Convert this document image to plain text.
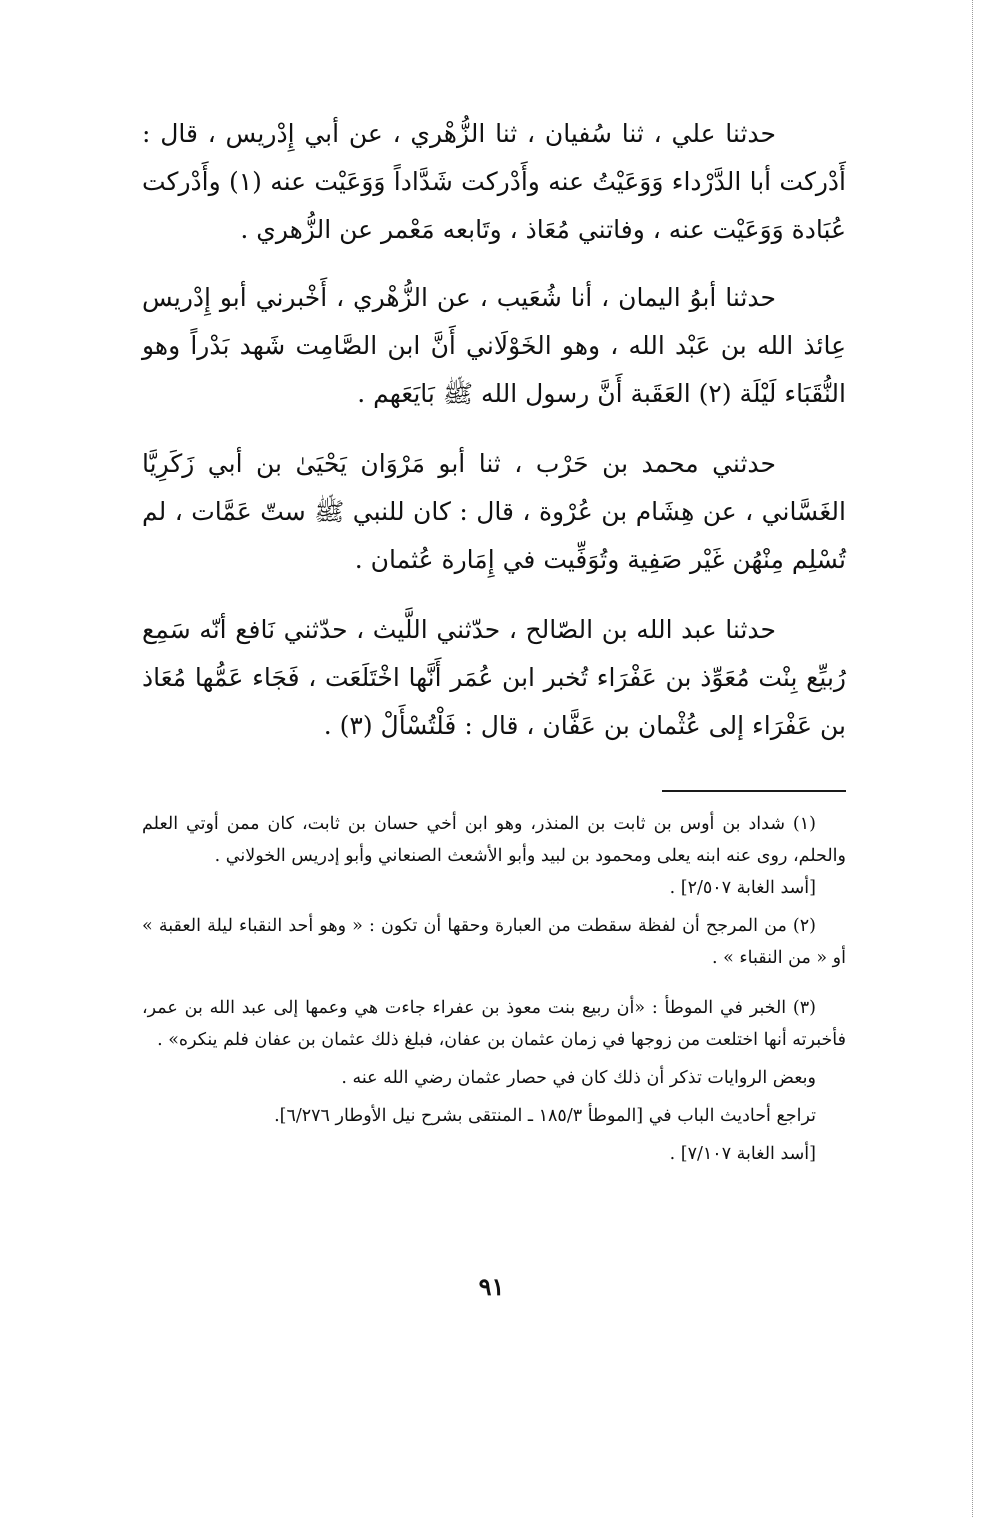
حدثنا علي ، ثنا سُفيان ، ثنا الزُّهْري ، عن أبي إِدْريس ، قال : أَدْركت أبا الدَّرْداء وَوَعَيْتُ عنه وأَدْركت شَدَّاداً وَوَعَيْت عنه (١) وأَدْركت عُبَادة وَوَعَيْت عنه ، وفاتني مُعَاذ ، وتَابعه مَعْمر عن الزُّهري .

حدثنا أبوُ اليمان ، أنا شُعَيب ، عن الزُّهْري ، أَخْبرني أبو إِدْريس عِائذ الله بن عَبْد الله ، وهو الخَوْلَاني أَنَّ ابن الصَّامِت شَهد بَدْراً وهو النُّقَبَاء لَيْلَة (٢) العَقَبة أَنَّ رسول الله ﷺ بَايَعَهم .

حدثني محمد بن حَرْب ، ثنا أبو مَرْوَان يَحْيَىٰ بن أبي زَكَرِيَّا الغَسَّاني ، عن هِشَام بن عُرْوة ، قال : كان للنبي ﷺ ستّ عَمَّات ، لم تُسْلِم مِنْهُن غَيْر صَفِية وتُوَفِّيت في إِمَارة عُثمان .

حدثنا عبد الله بن الصّالح ، حدّثني اللَّيث ، حدّثني نَافع أنّه سَمِع رُبيِّع بِنْت مُعَوِّذ بن عَفْرَاء تُخبر ابن عُمَر أَنَّها اخْتَلَعَت ، فَجَاء عَمُّها مُعَاذ بن عَفْرَاء إلى عُثْمان بن عَفَّان ، قال : فَلْتُسْأَلْ (٣) .

(١) شداد بن أوس بن ثابت بن المنذر، وهو ابن أخي حسان بن ثابت، كان ممن أوتي العلم والحلم، روى عنه ابنه يعلى ومحمود بن لبيد وأبو الأشعث الصنعاني وأبو إدريس الخولاني .
[أسد الغابة ٢/٥٠٧] .

(٢) من المرجح أن لفظة سقطت من العبارة وحقها أن تكون : « وهو أحد النقباء ليلة العقبة » أو « من النقباء » .

(٣) الخبر في الموطأ : «أن ربيع بنت معوذ بن عفراء جاءت هي وعمها إلى عبد الله بن عمر، فأخبرته أنها اختلعت من زوجها في زمان عثمان بن عفان، فبلغ ذلك عثمان بن عفان فلم ينكره» .

وبعض الروايات تذكر أن ذلك كان في حصار عثمان رضي الله عنه .

تراجع أحاديث الباب في [الموطأ ١٨٥/٣ ـ المنتقى بشرح نيل الأوطار ٦/٢٧٦].

[أسد الغابة ٧/١٠٧] .

٩١
